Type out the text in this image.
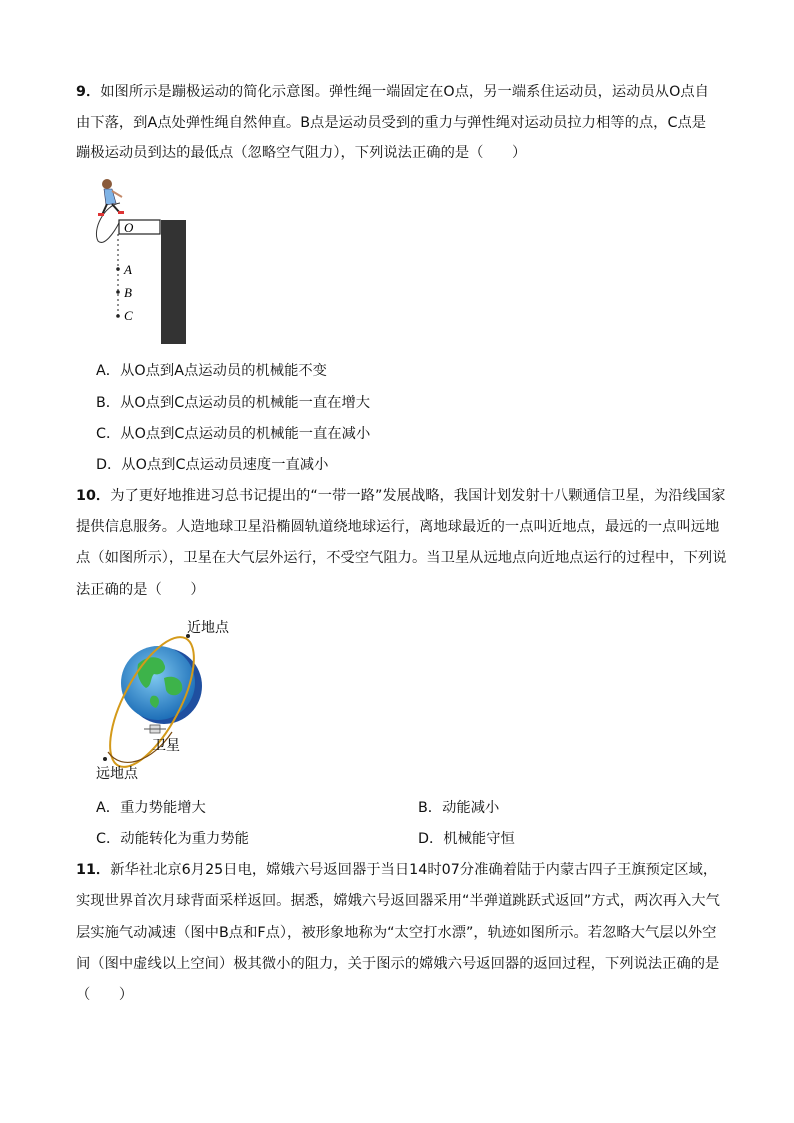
9．如图所示是蹦极运动的简化示意图。弹性绳一端固定在O点，另一端系住运动员，运动员从O点自
由下落，到A点处弹性绳自然伸直。B点是运动员受到的重力与弹性绳对运动员拉力相等的点，C点是
蹦极运动员到达的最低点（忽略空气阻力），下列说法正确的是（　　）
O
A
B
C
A．从O点到A点运动员的机械能不变
B．从O点到C点运动员的机械能一直在增大
C．从O点到C点运动员的机械能一直在减小
D．从O点到C点运动员速度一直减小
10．为了更好地推进习总书记提出的“一带一路”发展战略，我国计划发射十八颗通信卫星，为沿线国家
提供信息服务。人造地球卫星沿椭圆轨道绕地球运行，离地球最近的一点叫近地点，最远的一点叫远地
点（如图所示），卫星在大气层外运行，不受空气阻力。当卫星从远地点向近地点运行的过程中，下列说
法正确的是（　　）
近地点
卫星
远地点
A．重力势能增大	B．动能减小
C．动能转化为重力势能	D．机械能守恒
11．新华社北京6月25日电，嫦娥六号返回器于当日14时07分准确着陆于内蒙古四子王旗预定区域，
实现世界首次月球背面采样返回。据悉，嫦娥六号返回器采用“半弹道跳跃式返回”方式，两次再入大气
层实施气动减速（图中B点和F点），被形象地称为“太空打水漂”，轨迹如图所示。若忽略大气层以外空
间（图中虚线以上空间）极其微小的阻力，关于图示的嫦娥六号返回器的返回过程，下列说法正确的是
（　　）
